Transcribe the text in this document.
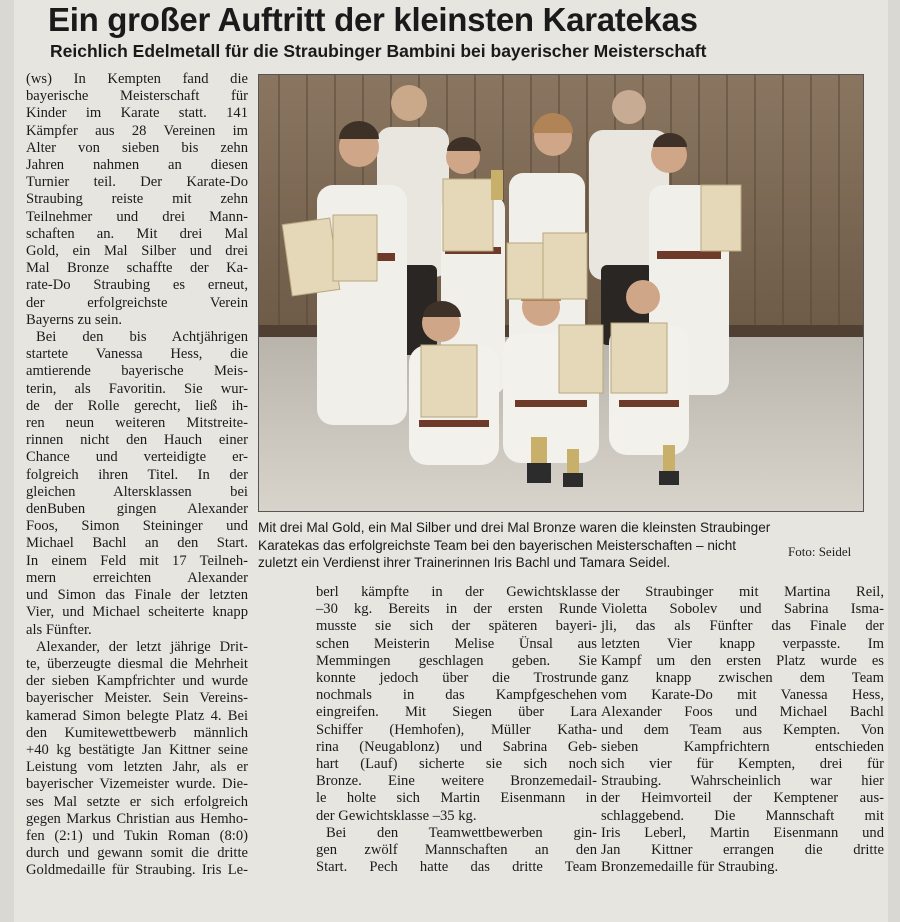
Ein großer Auftritt der kleinsten Karatekas
Reichlich Edelmetall für die Straubinger Bambini bei bayerischer Meisterschaft
(ws) In Kempten fand die
bayerische Meisterschaft für
Kinder im Karate statt. 141
Kämpfer aus 28 Vereinen im
Alter von sieben bis zehn
Jahren nahmen an diesen
Turnier teil. Der Karate-Do
Straubing reiste mit zehn
Teilnehmer und drei Mann-
schaften an. Mit drei Mal
Gold, ein Mal Silber und drei
Mal Bronze schaffte der Ka-
rate-Do Straubing es erneut,
der erfolgreichste Verein
Bayerns zu sein.
Bei den bis Achtjährigen
startete Vanessa Hess, die
amtierende bayerische Meis-
terin, als Favoritin. Sie wur-
de der Rolle gerecht, ließ ih-
ren neun weiteren Mitstreite-
rinnen nicht den Hauch einer
Chance und verteidigte er-
folgreich ihren Titel. In der
gleichen Altersklassen bei
denBuben gingen Alexander
Foos, Simon Steininger und
Michael Bachl an den Start.
In einem Feld mit 17 Teilneh-
mern erreichten Alexander
und Simon das Finale der letzten
Vier, und Michael scheiterte knapp
als Fünfter.
Alexander, der letzt jährige Drit-
te, überzeugte diesmal die Mehrheit
der sieben Kampfrichter und wurde
bayerischer Meister. Sein Vereins-
kamerad Simon belegte Platz 4. Bei
den Kumitewettbewerb männlich
+40 kg bestätigte Jan Kittner seine
Leistung vom letzten Jahr, als er
bayerischer Vizemeister wurde. Die-
ses Mal setzte er sich erfolgreich
gegen Markus Christian aus Hemho-
fen (2:1) und Tukin Roman (8:0)
durch und gewann somit die dritte
Goldmedaille für Straubing. Iris Le-
Mit drei Mal Gold, ein Mal Silber und drei Mal Bronze waren die kleinsten Straubinger
Karatekas das erfolgreichste Team bei den bayerischen Meisterschaften – nicht
zuletzt ein Verdienst ihrer Trainerinnen Iris Bachl und Tamara Seidel.
Foto: Seidel
berl kämpfte in der Gewichtsklasse
–30 kg. Bereits in der ersten Runde
musste sie sich der späteren bayeri-
schen Meisterin Melise Ünsal aus
Memmingen geschlagen geben. Sie
konnte jedoch über die Trostrunde
nochmals in das Kampfgeschehen
eingreifen. Mit Siegen über Lara
Schiffer (Hemhofen), Müller Katha-
rina (Neugablonz) und Sabrina Geb-
hart (Lauf) sicherte sie sich noch
Bronze. Eine weitere Bronzemedail-
le holte sich Martin Eisenmann in
der Gewichtsklasse –35 kg.
Bei den Teamwettbewerben gin-
gen zwölf Mannschaften an den
Start. Pech hatte das dritte Team
der Straubinger mit Martina Reil,
Violetta Sobolev und Sabrina Isma-
jli, das als Fünfter das Finale der
letzten Vier knapp verpasste. Im
Kampf um den ersten Platz wurde es
ganz knapp zwischen dem Team
vom Karate-Do mit Vanessa Hess,
Alexander Foos und Michael Bachl
und dem Team aus Kempten. Von
sieben Kampfrichtern entschieden
sich vier für Kempten, drei für
Straubing. Wahrscheinlich war hier
der Heimvorteil der Kemptener aus-
schlaggebend. Die Mannschaft mit
Iris Leberl, Martin Eisenmann und
Jan Kittner errangen die dritte
Bronzemedaille für Straubing.
